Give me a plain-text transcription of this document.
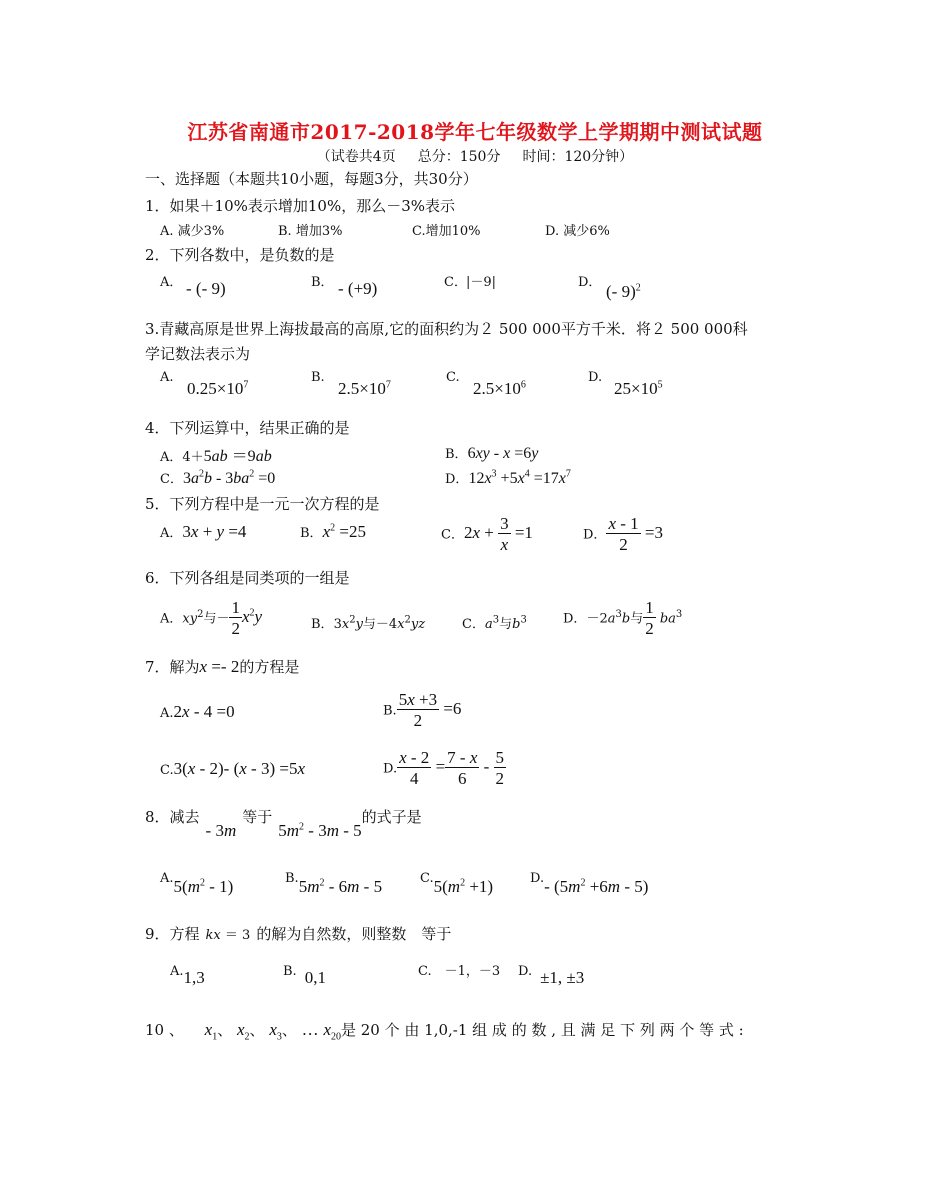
江苏省南通市2017-2018学年七年级数学上学期期中测试试题
（试卷共4页 总分：150分 时间：120分钟）
一、选择题（本题共10小题，每题3分，共30分）
1．如果＋10%表示增加10%，那么－3%表示
A. 减少3%	B. 增加3%	C.增加10%	D. 减少6%
2．下列各数中，是负数的是
A． - (- 9)	B． - (+9)	C． |－9|	D． (- 9)$^2$
3.青藏高原是世界上海拔最高的高原,它的面积约为２ 500 000平方千米．将２ 500 000科
学记数法表示为
A.
$0.25\times 10^7$	B.
$2.5\times 10^7$	C.
$2.5\times 10^6$	D.
$25\times 10^5$
4．下列运算中，结果正确的是
A．4＋5ab ＝9ab	B．6xy - x =6y
C．$3a^2b - 3ba^2 =0$	D．$12x^3 +5x^4 =17x^7$
5．下列方程中是一元一次方程的是
A．3x + y =4	B．$x^2 =25$	C．$2x + \frac{3}{x} =1$	D． $\frac{x - 1}{2} =3$
6．下列各组是同类项的一组是
A．$xy^2$与－ $\frac{1}{2} x^2y$	B．$3x^2y$与$-4x^2yz$	C．$a^3$与$b^3$	D．$-2a^3b$与 $\frac{1}{2} ba^3$
7．解为x =- 2的方程是
A.2x - 4 =0	B. $\frac{5x +3}{2} =6$
C.3(x - 2)- (x - 3) =5x	D. $\frac{x - 2}{4} = \frac{7 - x}{6} - \frac{5}{2}$
8．减去- 3m等于$5m^2 - 3m - 5$的式子是
$A.5(m^2 - 1)$	$B.5m^2 - 6m - 5$	$C.5(m^2 +1)$	D.- $(5m^2 +6m - 5)$
9．方程 kx ＝ 3 的解为自然数，则整数　等于
A.1,3	B. 0,1	C.　－1，－3 D. ±1, ±3
10 、 $x_1$、 $x_2$、 $x_3$、 … $x_{20}$是 20 个 由 1,0,-1 组 成 的 数 , 且 满 足 下 列 两 个 等 式 :
